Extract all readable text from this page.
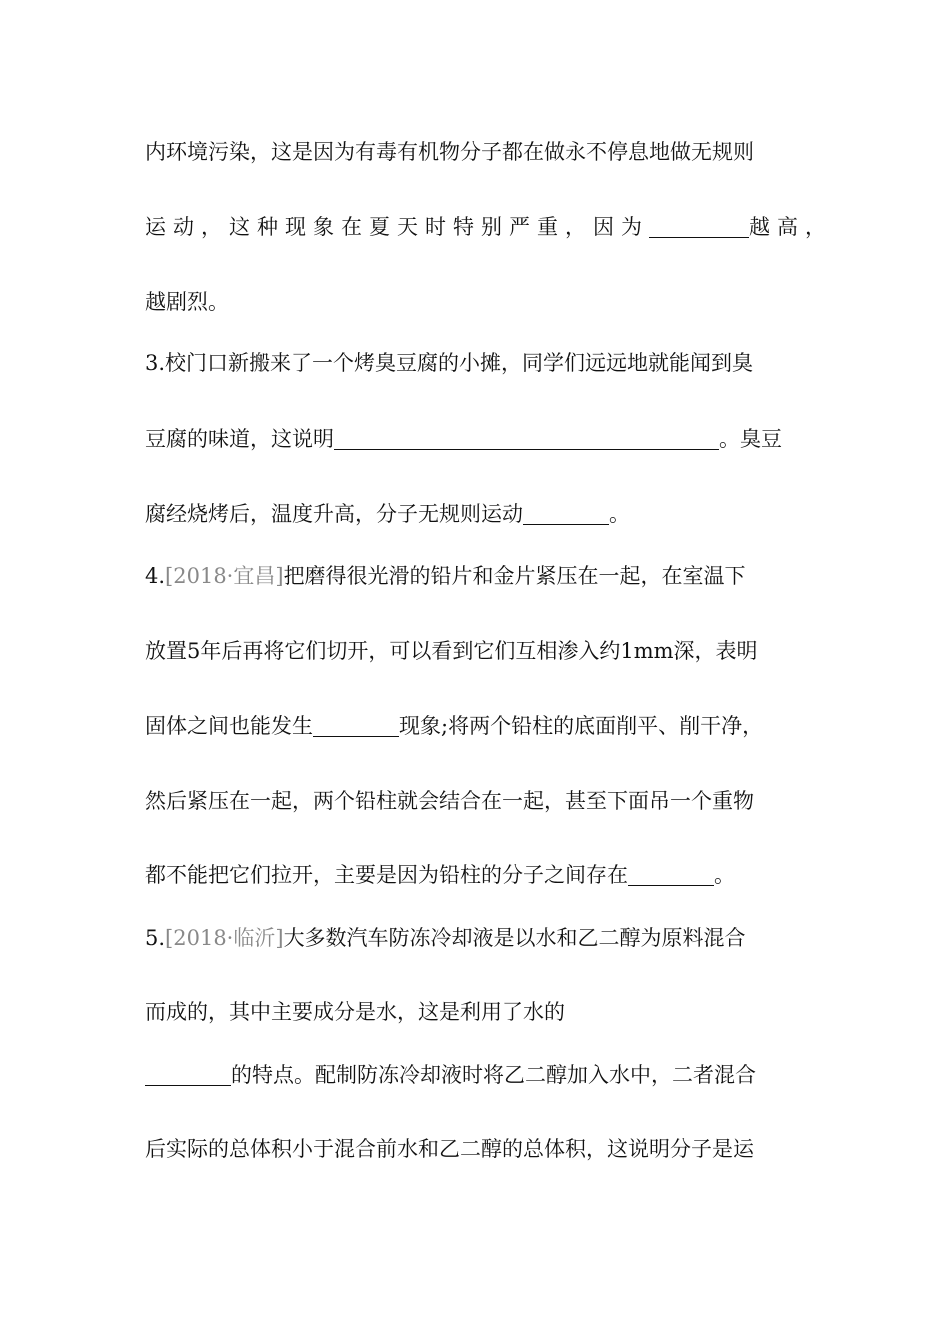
内环境污染，这是因为有毒有机物分子都在做永不停息地做无规则
运动，这种现象在夏天时特别严重，因为	越高，
越剧烈。
3.校门口新搬来了一个烤臭豆腐的小摊，同学们远远地就能闻到臭
豆腐的味道，这说明	。臭豆
腐经烧烤后，温度升高，分子无规则运动	。
4.[2018·宜昌]把磨得很光滑的铅片和金片紧压在一起，在室温下
放置5年后再将它们切开，可以看到它们互相渗入约1mm深，表明
固体之间也能发生	现象;将两个铅柱的底面削平、削干净，
然后紧压在一起，两个铅柱就会结合在一起，甚至下面吊一个重物
都不能把它们拉开，主要是因为铅柱的分子之间存在	。
5.[2018·临沂]大多数汽车防冻冷却液是以水和乙二醇为原料混合
而成的，其中主要成分是水，这是利用了水的
的特点。配制防冻冷却液时将乙二醇加入水中，二者混合
后实际的总体积小于混合前水和乙二醇的总体积，这说明分子是运
